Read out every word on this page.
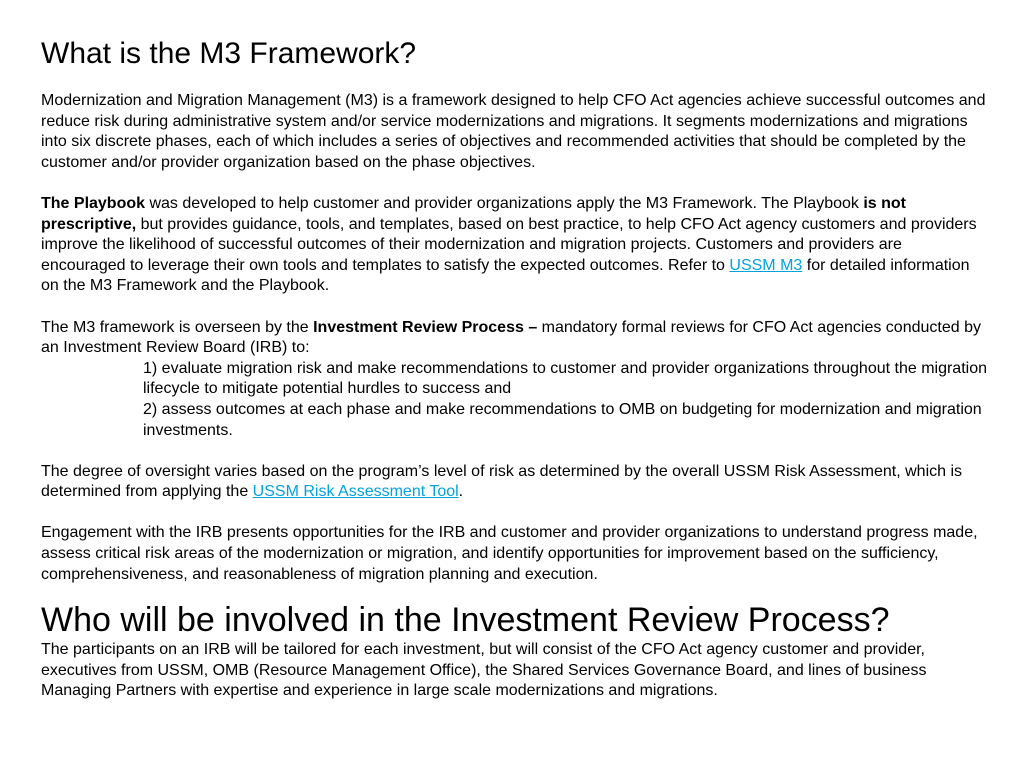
What is the M3 Framework?

Modernization and Migration Management (M3) is a framework designed to help CFO Act agencies achieve successful outcomes and reduce risk during administrative system and/or service modernizations and migrations. It segments modernizations and migrations into six discrete phases, each of which includes a series of objectives and recommended activities that should be completed by the customer and/or provider organization based on the phase objectives.

The Playbook was developed to help customer and provider organizations apply the M3 Framework. The Playbook is not prescriptive, but provides guidance, tools, and templates, based on best practice, to help CFO Act agency customers and providers improve the likelihood of successful outcomes of their modernization and migration projects. Customers and providers are encouraged to leverage their own tools and templates to satisfy the expected outcomes. Refer to USSM M3 for detailed information on the M3 Framework and the Playbook.

The M3 framework is overseen by the Investment Review Process – mandatory formal reviews for CFO Act agencies conducted by an Investment Review Board (IRB) to:

1) evaluate migration risk and make recommendations to customer and provider organizations throughout the migration lifecycle to mitigate potential hurdles to success and

2) assess outcomes at each phase and make recommendations to OMB on budgeting for modernization and migration investments.

The degree of oversight varies based on the program’s level of risk as determined by the overall USSM Risk Assessment, which is determined from applying the USSM Risk Assessment Tool.

Engagement with the IRB presents opportunities for the IRB and customer and provider organizations to understand progress made, assess critical risk areas of the modernization or migration, and identify opportunities for improvement based on the sufficiency, comprehensiveness, and reasonableness of migration planning and execution.

Who will be involved in the Investment Review Process?

The participants on an IRB will be tailored for each investment, but will consist of the CFO Act agency customer and provider, executives from USSM, OMB (Resource Management Office), the Shared Services Governance Board, and lines of business Managing Partners with expertise and experience in large scale modernizations and migrations.
